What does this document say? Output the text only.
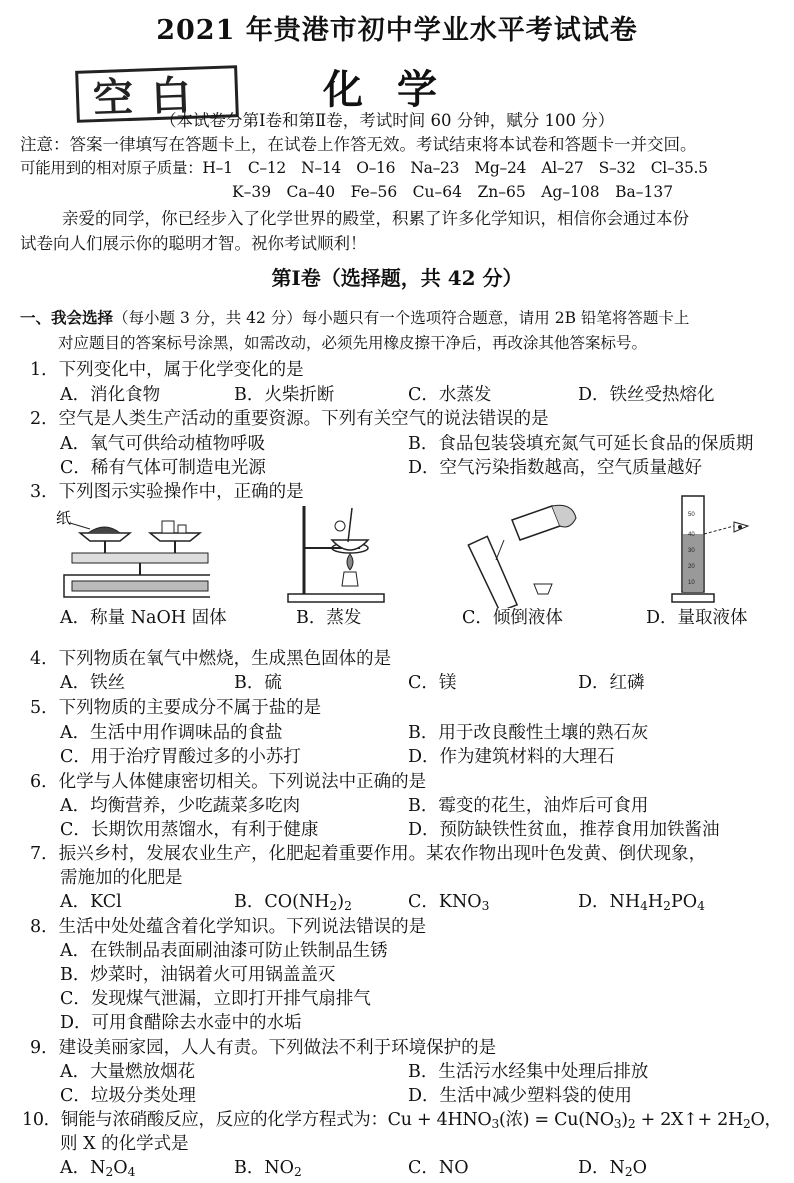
2021 年贵港市初中学业水平考试试卷
空白	化学
（本试卷分第Ⅰ卷和第Ⅱ卷，考试时间 60 分钟，赋分 100 分）
注意：答案一律填写在答题卡上，在试卷上作答无效。考试结束将本试卷和答题卡一并交回。
可能用到的相对原子质量：H–1　C–12　N–14　O–16　Na–23　Mg–24　Al–27　S–32　Cl–35.5
K–39　Ca–40　Fe–56　Cu–64　Zn–65　Ag–108　Ba–137
亲爱的同学，你已经步入了化学世界的殿堂，积累了许多化学知识，相信你会通过本份
试卷向人们展示你的聪明才智。祝你考试顺利！
第Ⅰ卷（选择题，共 42 分）
一、我会选择（每小题 3 分，共 42 分）每小题只有一个选项符合题意，请用 2B 铅笔将答题卡上
对应题目的答案标号涂黑，如需改动，必须先用橡皮擦干净后，再改涂其他答案标号。
1．下列变化中，属于化学变化的是
A．消化食物	B．火柴折断	C．水蒸发	D．铁丝受热熔化
2．空气是人类生产活动的重要资源。下列有关空气的说法错误的是
A．氧气可供给动植物呼吸	B．食品包装袋填充氮气可延长食品的保质期
C．稀有气体可制造电光源	D．空气污染指数越高，空气质量越好
3．下列图示实验操作中，正确的是
纸	50
40
30
20
10
A．称量 NaOH 固体	B．蒸发	C．倾倒液体	D．量取液体
4．下列物质在氧气中燃烧，生成黑色固体的是
A．铁丝	B．硫	C．镁	D．红磷
5．下列物质的主要成分不属于盐的是
A．生活中用作调味品的食盐	B．用于改良酸性土壤的熟石灰
C．用于治疗胃酸过多的小苏打	D．作为建筑材料的大理石
6．化学与人体健康密切相关。下列说法中正确的是
A．均衡营养，少吃蔬菜多吃肉	B．霉变的花生，油炸后可食用
C．长期饮用蒸馏水，有利于健康	D．预防缺铁性贫血，推荐食用加铁酱油
7．振兴乡村，发展农业生产，化肥起着重要作用。某农作物出现叶色发黄、倒伏现象，
需施加的化肥是
A．KCl	B．$CO(NH_2)_2$	C．$KNO_3$	D．$NH_4H_2PO_4$
8．生活中处处蕴含着化学知识。下列说法错误的是
A．在铁制品表面刷油漆可防止铁制品生锈
B．炒菜时，油锅着火可用锅盖盖灭
C．发现煤气泄漏，立即打开排气扇排气
D．可用食醋除去水壶中的水垢
9．建设美丽家园，人人有责。下列做法不利于环境保护的是
A．大量燃放烟花	B．生活污水经集中处理后排放
C．垃圾分类处理	D．生活中减少塑料袋的使用
10．铜能与浓硝酸反应，反应的化学方程式为：$Cu + 4HNO_3$(浓) = $Cu(NO_3)_2$ + 2X↑+ $2H_2O$，
则 X 的化学式是
A．$N_2O_4$	B．$NO_2$	C．NO	D．$N_2O$
